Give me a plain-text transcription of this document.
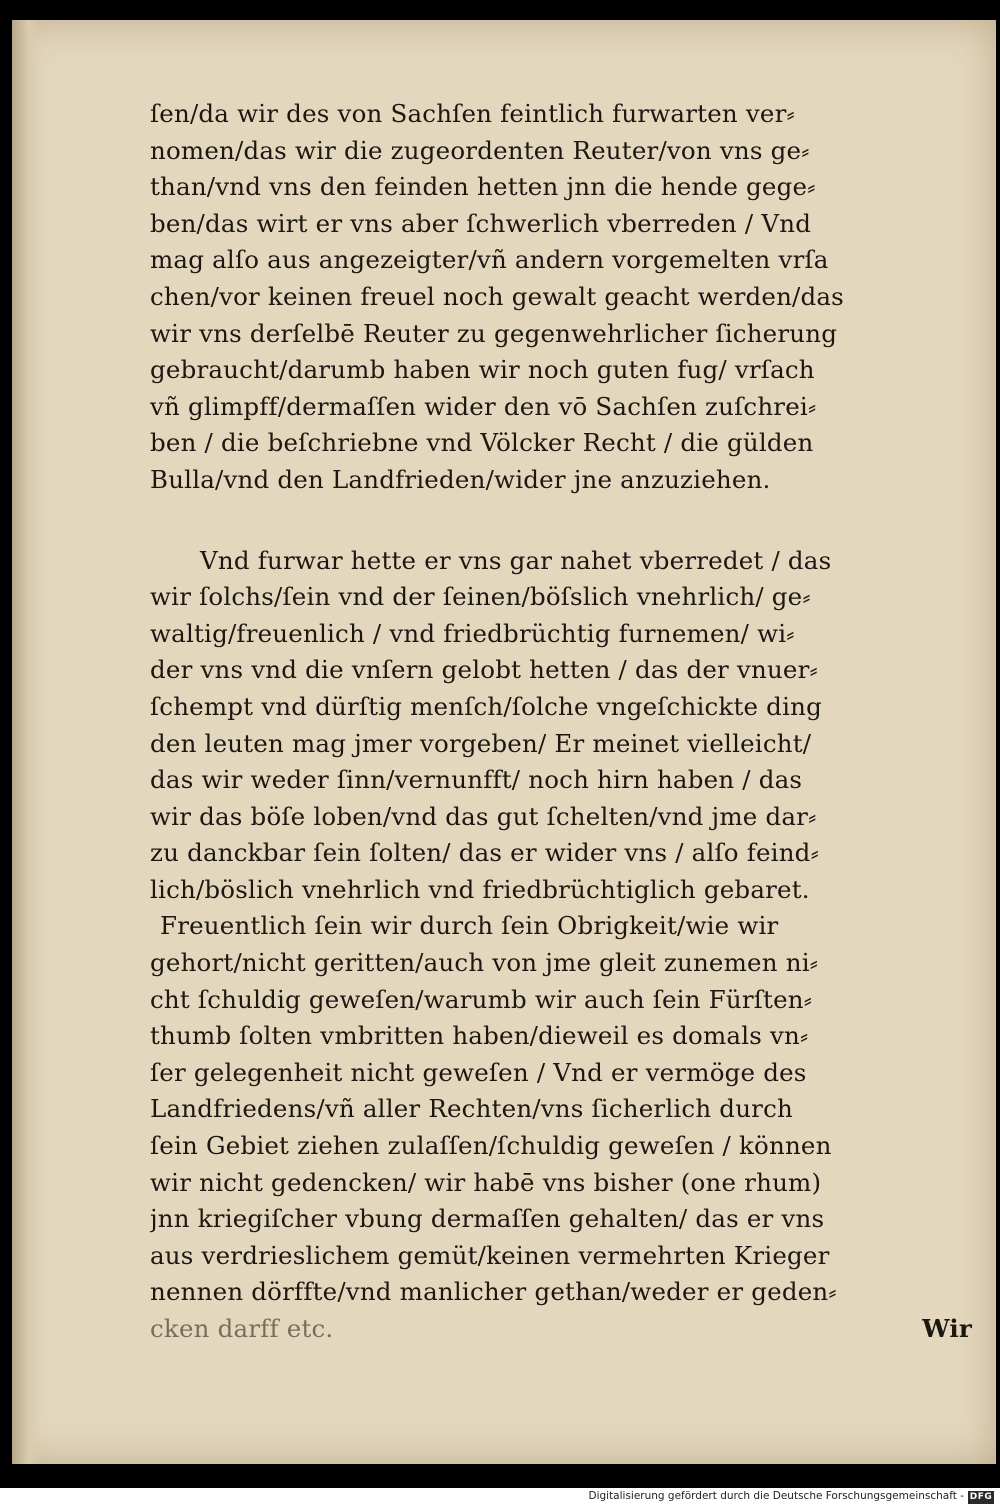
ſen/da wir des von Sachſen feintlich furwarten ver⸗
nomen/das wir die zugeordenten Reuter/von vns ge⸗
than/vnd vns den feinden hetten jnn die hende gege⸗
ben/das wirt er vns aber ſchwerlich vberreden / Vnd
mag alſo aus angezeigter/vñ andern vorgemelten vrſa
chen/vor keinen freuel noch gewalt geacht werden/das
wir vns derſelbē Reuter zu gegenwehrlicher ſicherung
gebraucht/darumb haben wir noch guten fug/ vrſach
vñ glimpff/dermaſſen wider den vō Sachſen zuſchrei⸗
ben / die beſchriebne vnd Völcker Recht / die gülden
Bulla/vnd den Landfrieden/wider jne anzuziehen.
Vnd furwar hette er vns gar nahet vberredet / das
wir ſolchs/ſein vnd der ſeinen/böſslich vnehrlich/ ge⸗
waltig/freuenlich / vnd friedbrüchtig furnemen/ wi⸗
der vns vnd die vnſern gelobt hetten / das der vnuer⸗
ſchempt vnd dürſtig menſch/ſolche vngeſchickte ding
den leuten mag jmer vorgeben/ Er meinet vielleicht/
das wir weder ſinn/vernunfft/ noch hirn haben / das
wir das böſe loben/vnd das gut ſchelten/vnd jme dar⸗
zu danckbar ſein ſolten/ das er wider vns / alſo feind⸗
lich/böslich vnehrlich vnd friedbrüchtiglich gebaret.
Freuentlich ſein wir durch ſein Obrigkeit/wie wir
gehort/nicht geritten/auch von jme gleit zunemen ni⸗
cht ſchuldig geweſen/warumb wir auch ſein Fürſten⸗
thumb ſolten vmbritten haben/dieweil es domals vn⸗
ſer gelegenheit nicht geweſen / Vnd er vermöge des
Landfriedens/vñ aller Rechten/vns ſicherlich durch
ſein Gebiet ziehen zulaſſen/ſchuldig geweſen / können
wir nicht gedencken/ wir habē vns bisher (one rhum)
jnn kriegiſcher vbung dermaſſen gehalten/ das er vns
aus verdrieslichem gemüt/keinen vermehrten Krieger
nennen dörffte/vnd manlicher gethan/weder er geden⸗
cken darff etc.	Wir
Digitalisierung gefördert durch die Deutsche Forschungsgemeinschaft - DFG
